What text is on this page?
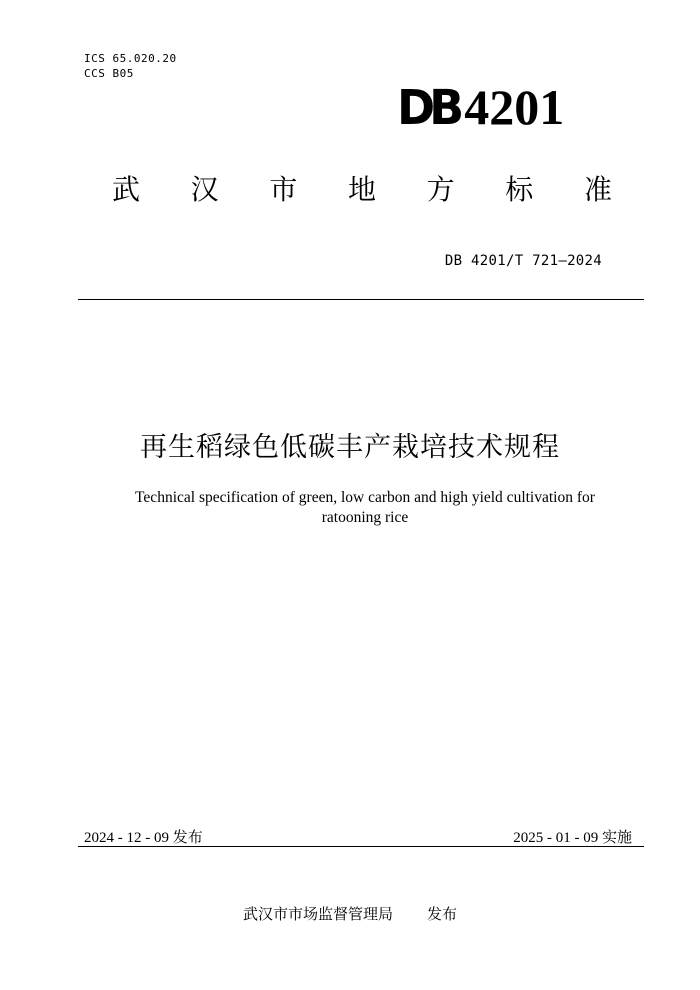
ICS 65.020.20
CCS B05
DB 4201
武 汉 市 地 方 标 准
DB 4201/T 721—2024
再生稻绿色低碳丰产栽培技术规程
Technical specification of green, low carbon and high yield cultivation for
ratooning rice
2024 - 12 - 09 发布	2025 - 01 - 09 实施
武汉市市场监督管理局 发布
